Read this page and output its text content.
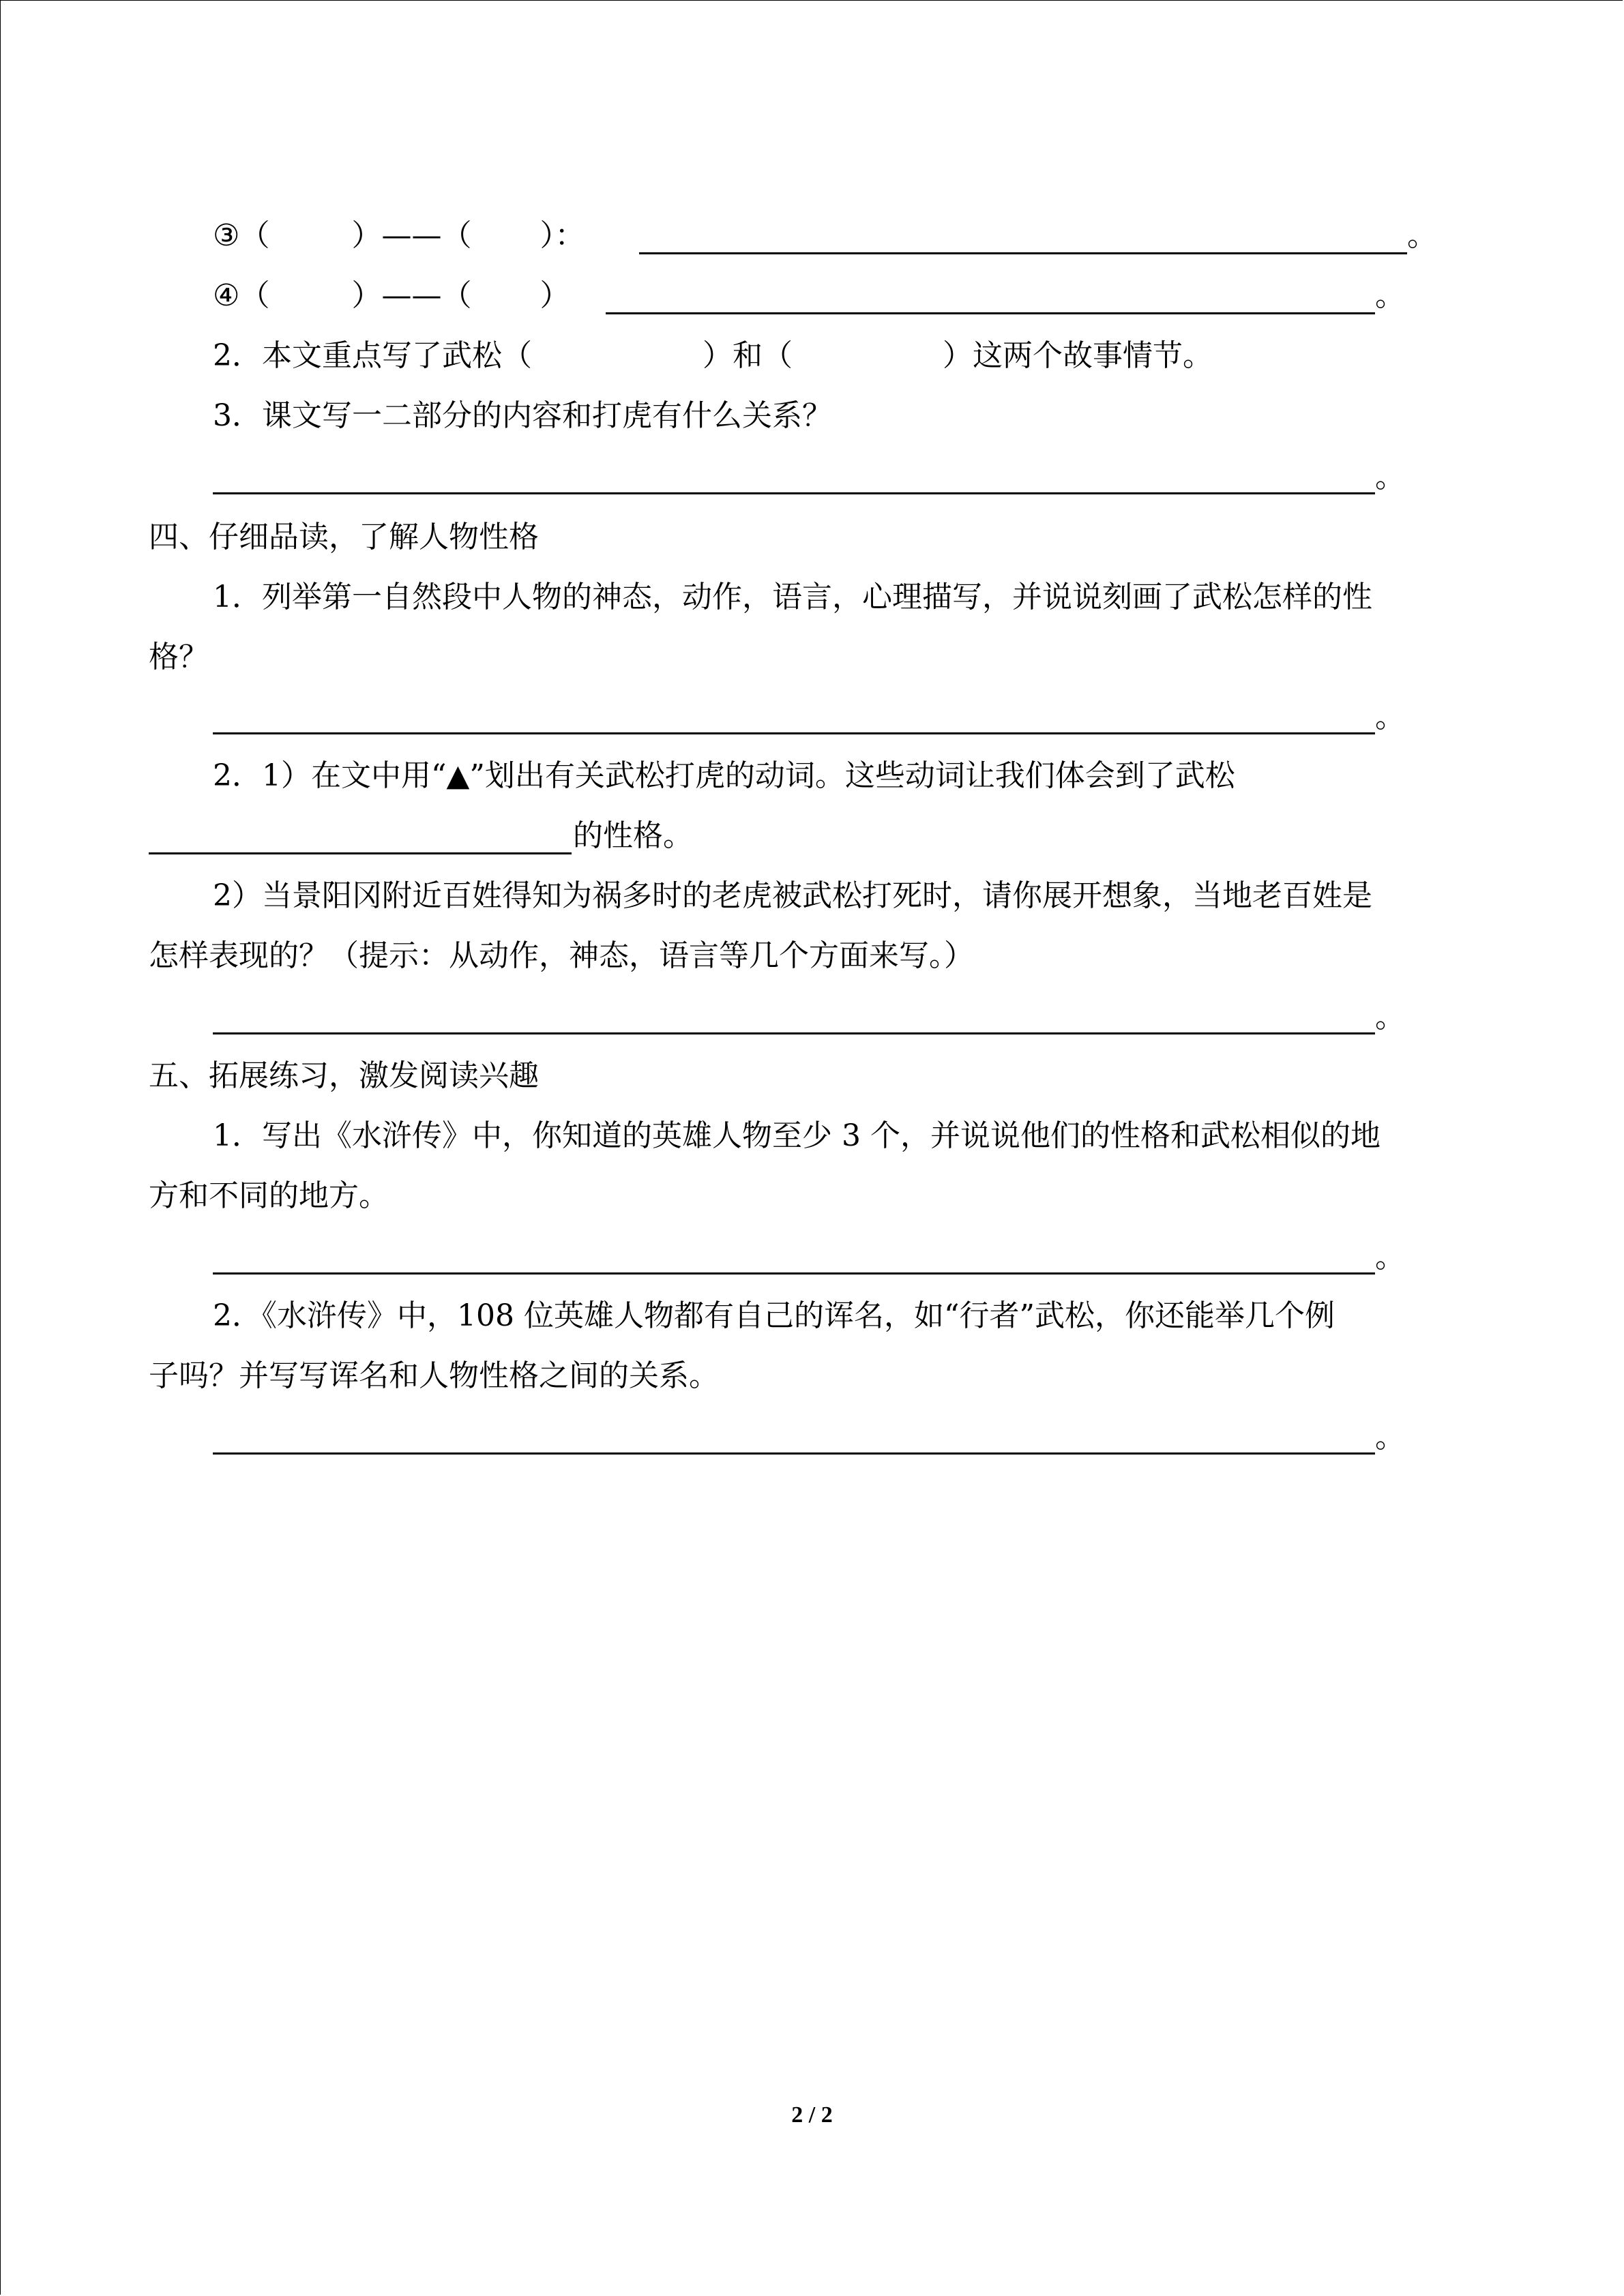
③（	）——（ ）：	。
④（	）——（ ）	。
2．本文重点写了武松（	）和（	）这两个故事情节。
3．课文写一二部分的内容和打虎有什么关系？
。
四、仔细品读，了解人物性格
1．列举第一自然段中人物的神态，动作，语言，心理描写，并说说刻画了武松怎样的性
格？
。
2．1）在文中用“▲”划出有关武松打虎的动词。这些动词让我们体会到了武松
的性格。
2）当景阳冈附近百姓得知为祸多时的老虎被武松打死时，请你展开想象，当地老百姓是
怎样表现的？（提示：从动作，神态，语言等几个方面来写。）
。
五、拓展练习，激发阅读兴趣
1．写出《水浒传》中，你知道的英雄人物至少 3 个，并说说他们的性格和武松相似的地
方和不同的地方。
。
2．《水浒传》中，108 位英雄人物都有自己的诨名，如“行者”武松，你还能举几个例
子吗？并写写诨名和人物性格之间的关系。
。
2 / 2
